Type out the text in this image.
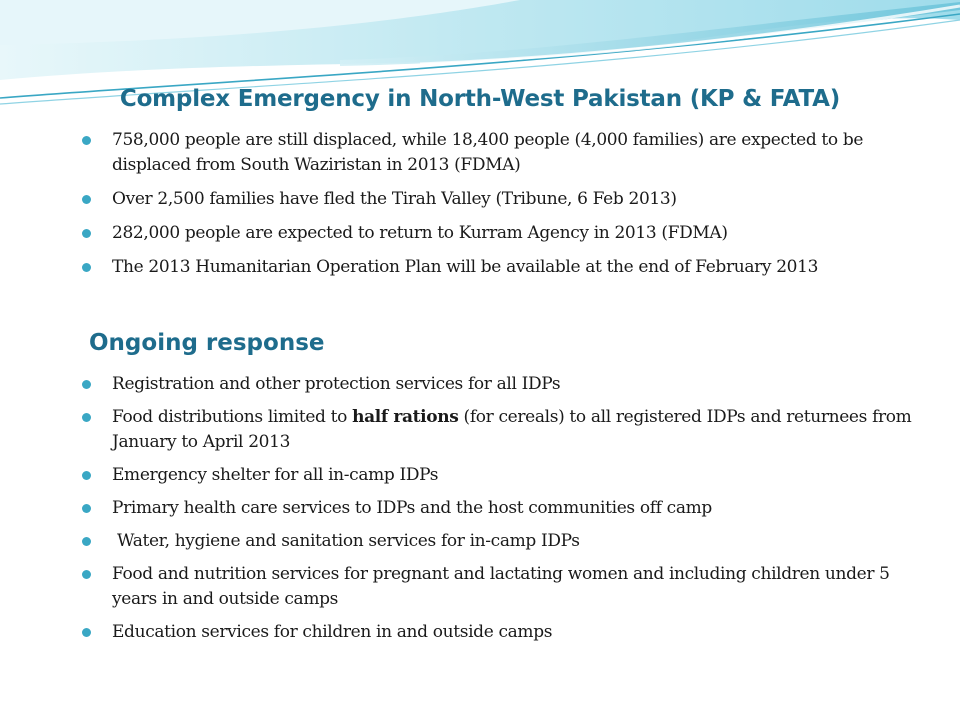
Complex Emergency in North-West Pakistan (KP & FATA)
758,000 people are still displaced, while 18,400 people (4,000 families) are expected to be displaced from South Waziristan in 2013 (FDMA)
Over 2,500 families have fled the Tirah Valley (Tribune, 6 Feb 2013)
282,000 people are expected to return to Kurram Agency in 2013 (FDMA)
The 2013 Humanitarian Operation Plan will be available at the end of February 2013
Ongoing response
Registration and other protection services for all IDPs
Food distributions limited to half rations (for cereals) to all registered IDPs and returnees from January to April 2013
Emergency shelter for all in-camp IDPs
Primary health care services to IDPs and the host communities off camp
Water, hygiene and sanitation services for in-camp IDPs
Food and nutrition services for pregnant and lactating women and including children under 5 years in and outside camps
Education services for children in and outside camps
